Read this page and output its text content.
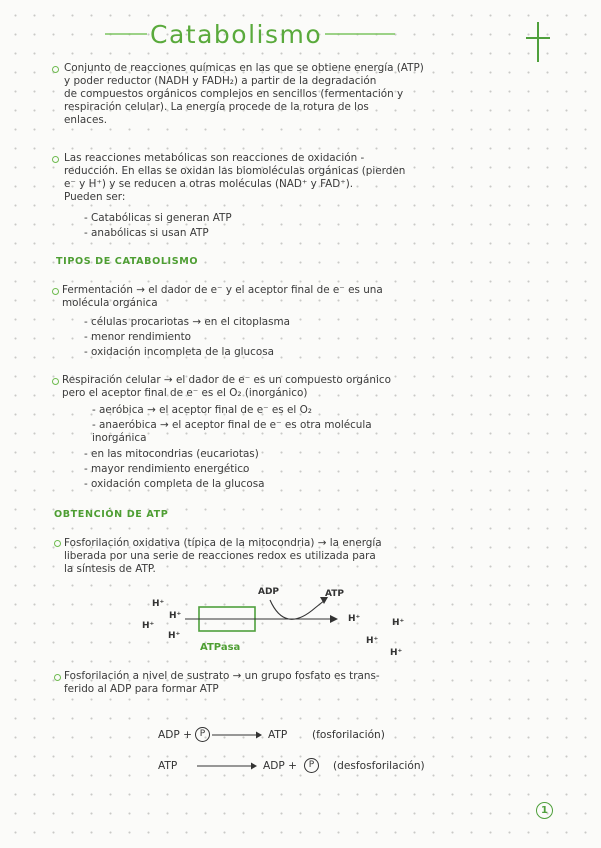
Catabolismo
Conjunto de reacciones químicas en las que se obtiene energía (ATP)
y poder reductor (NADH y FADH₂) a partir de la degradación
de compuestos orgánicos complejos en sencillos (fermentación y
respiración celular). La energía procede de la rotura de los
enlaces.
Las reacciones metabólicas son reacciones de oxidación -
reducción. En ellas se oxidan las biomoléculas orgánicas (pierden
e⁻ y H⁺) y se reducen a otras moléculas (NAD⁺ y FAD⁺).
Pueden ser:
- Catabólicas si generan ATP
- anabólicas si usan ATP
TIPOS DE CATABOLISMO
Fermentación → el dador de e⁻ y el aceptor final de e⁻ es una
molécula orgánica
- células procariotas → en el citoplasma
- menor rendimiento
- oxidación incompleta de la glucosa
Respiración celular → el dador de e⁻ es un compuesto orgánico
pero el aceptor final de e⁻ es el O₂ (inorgánico)
- aeróbica → el aceptor final de e⁻ es el O₂
- anaeróbica → el aceptor final de e⁻ es otra molécula
inorgánica
- en las mitocondrias (eucariotas)
- mayor rendimiento energético
- oxidación completa de la glucosa
OBTENCIÓN DE ATP
Fosforilación oxidativa (típica de la mitocondria) → la energía
liberada por una serie de reacciones redox es utilizada para
la síntesis de ATP.
ADP	ATP
H⁺
H⁺
H⁺
H⁺
H⁺	H⁺
H⁺
H⁺
ATPasa
Fosforilación a nivel de sustrato → un grupo fosfato es trans-
ferido al ADP para formar ATP
ADP + P	ATP (fosforilación)
ATP	ADP +	P	(desfosforilación)
1
